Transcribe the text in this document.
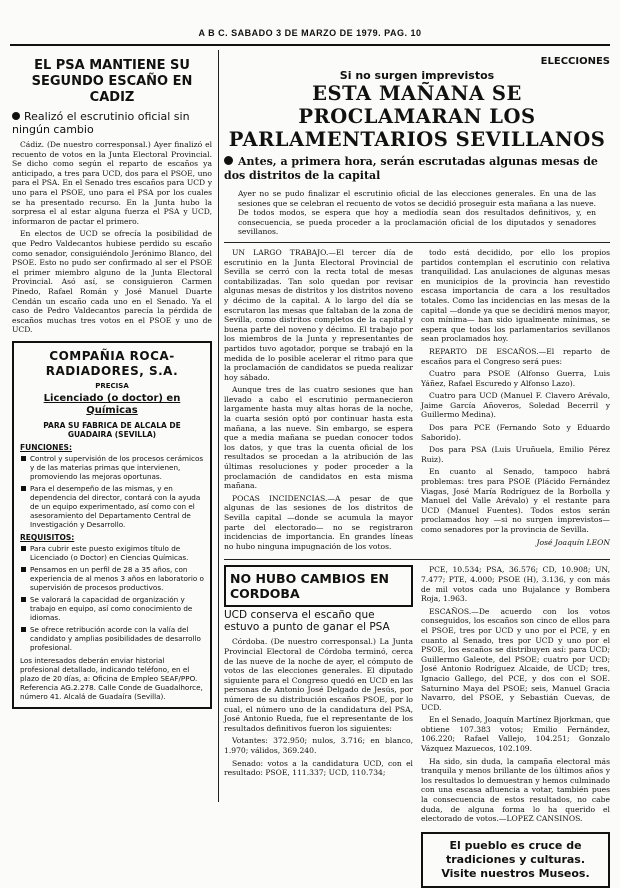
A B C. SABADO 3 DE MARZO DE 1979. PAG. 10
EL PSA MANTIENE SU SEGUNDO ESCAÑO EN CADIZ
Realizó el escrutinio oficial sin ningún cambio

Cádiz. (De nuestro corresponsal.) Ayer finalizó el recuento de votos en la Junta Electoral Provincial. Se dicho como según el reparto de escaños ya anticipado, a tres para UCD, dos para el PSOE, uno para el PSA. En el Senado tres escaños para UCD y uno para el PSOE, uno para el PSA por los cuales se ha presentado recurso. En la Junta hubo la sorpresa el al estar alguna fuerza el PSA y UCD, informaron de pactar el primero.

En electos de UCD se ofrecía la posibilidad de que Pedro Valdecantos hubiese perdido su escaño como senador, consiguiéndolo Jerónimo Blanco, del PSOE. Esto no pudo ser confirmado al ser el PSOE el primer miembro alguno de la Junta Electoral Provincial. Asó así, se consiguieron Carmen Pinedo, Rafael Román y José Manuel Duarte Cendán un escaño cada uno en el Senado. Ya el caso de Pedro Valdecantos parecía la pérdida de escaños muchas tres votos en el PSOE y uno de UCD.

COMPAÑIA ROCA-RADIADORES, S.A.
PRECISA
Licenciado (o doctor) en Químicas
PARA SU FABRICA DE ALCALA DE GUADAIRA (SEVILLA)
FUNCIONES:
Control y supervisión de los procesos cerámicos y de las materias primas que intervienen, promoviendo las mejoras oportunas.
Para el desempeño de las mismas, y en dependencia del director, contará con la ayuda de un equipo experimentado, así como con el asesoramiento del Departamento Central de Investigación y Desarrollo.
REQUISITOS:
Para cubrir este puesto exigimos título de Licenciado (o Doctor) en Ciencias Químicas.
Pensamos en un perfil de 28 a 35 años, con experiencia de al menos 3 años en laboratorio o supervisión de procesos productivos.
Se valorará la capacidad de organización y trabajo en equipo, así como conocimiento de idiomas.
Se ofrece retribución acorde con la valía del candidato y amplias posibilidades de desarrollo profesional.
Los interesados deberán enviar historial profesional detallado, indicando teléfono, en el plazo de 20 días, a: Oficina de Empleo SEAF/PPO. Referencia AG.2.278. Calle Conde de Guadalhorce, número 41. Alcalá de Guadaíra (Sevilla).
ELECCIONES
Si no surgen imprevistos
ESTA MAÑANA SE PROCLAMARAN LOS PARLAMENTARIOS SEVILLANOS
Antes, a primera hora, serán escrutadas algunas mesas de dos distritos de la capital
Ayer no se pudo finalizar el escrutinio oficial de las elecciones generales. En una de las sesiones que se celebran el recuento de votos se decidió proseguir esta mañana a las nueve. De todos modos, se espera que hoy a mediodía sean dos resultados definitivos, y, en consecuencia, se pueda proceder a la proclamación oficial de los diputados y senadores sevillanos.

UN LARGO TRABAJO.—El tercer día de escrutinio en la Junta Electoral Provincial de Sevilla se cerró con la recta total de mesas contabilizadas. Tan solo quedan por revisar algunas mesas de distritos y los distritos noveno y décimo de la capital. A lo largo del día se escrutaron las mesas que faltaban de la zona de Sevilla, como distritos completos de la capital y buena parte del noveno y décimo. El trabajo por los miembros de la Junta y representantes de partidos tuvo agotador, porque se trabajó en la medida de lo posible acelerar el ritmo para que la proclamación de candidatos se pueda realizar hoy sábado.

Aunque tres de las cuatro sesiones que han llevado a cabo el escrutinio permanecieron largamente hasta muy altas horas de la noche, la cuarta sesión optó por continuar hasta esta mañana, a las nueve. Sin embargo, se espera que a media mañana se puedan conocer todos los datos, y que tras la cuenta oficial de los resultados se procedan a la atribución de las últimas resoluciones y poder proceder a la proclamación de candidatos en esta misma mañana.

POCAS INCIDENCIAS.—A pesar de que algunas de las sesiones de los distritos de Sevilla capital —donde se acumula la mayor parte del electorado— no se registraron incidencias de importancia. En grandes líneas no hubo ninguna impugnación de los votos.

todo está decidido, por ello los propios partidos contemplan el escrutinio con relativa tranquilidad. Las anulaciones de algunas mesas en municipios de la provincia han revestido escasa importancia de cara a los resultados totales. Como las incidencias en las mesas de la capital —donde ya que se decidirá menos mayor, con mínima— han sido igualmente mínimas, se espera que todos los parlamentarios sevillanos sean proclamados hoy.

REPARTO DE ESCAÑOS.—El reparto de escaños para el Congreso será pues:

Cuatro para PSOE (Alfonso Guerra, Luis Yáñez, Rafael Escuredo y Alfonso Lazo).

Cuatro para UCD (Manuel F. Clavero Arévalo, Jaime García Añoveros, Soledad Becerril y Guillermo Medina).

Dos para PCE (Fernando Soto y Eduardo Saborido).

Dos para PSA (Luis Uruñuela, Emilio Pérez Ruiz).

En cuanto al Senado, tampoco habrá problemas: tres para PSOE (Plácido Fernández Viagas, José María Rodríguez de la Borbolla y Manuel del Valle Arévalo) y el restante para UCD (Manuel Fuentes). Todos estos serán proclamados hoy —si no surgen imprevistos— como senadores por la provincia de Sevilla.

José Joaquín LEON

NO HUBO CAMBIOS EN CORDOBA
UCD conserva el escaño que estuvo a punto de ganar el PSA

Córdoba. (De nuestro corresponsal.) La Junta Provincial Electoral de Córdoba terminó, cerca de las nueve de la noche de ayer, el cómputo de votos de las elecciones generales. El diputado siguiente para el Congreso quedó en UCD en las personas de Antonio José Delgado de Jesús, por número de su distribución escaños PSOE, por lo cual, el número uno de la candidatura del PSA, José Antonio Rueda, fue el representante de los resultados definitivos fueron los siguientes:

Votantes: 372.950; nulos, 3.716; en blanco, 1.970; válidos, 369.240.

Senado: votos a la candidatura UCD, con el resultado: PSOE, 111.337; UCD, 110.734;

PCE, 10.534; PSA, 36.576; CD, 10.908; UN, 7.477; PTE, 4.000; PSOE (H), 3.136, y con más de mil votos cada uno Bujalance y Bombera Roja, 1.963.

ESCAÑOS.—De acuerdo con los votos conseguidos, los escaños son cinco de ellos para el PSOE, tres por UCD y uno por el PCE, y en cuanto al Senado, tres por UCD y uno por el PSOE, los escaños se distribuyen así: para UCD; Guillermo Galeote, del PSOE; cuatro por UCD; José Antonio Rodríguez Alcaide, de UCD; tres, Ignacio Gallego, del PCE, y dos con el SOE. Saturnino Maya del PSOE; seis, Manuel Gracia Navarro, del PSOE, y Sebastián Cuevas, de UCD.

En el Senado, Joaquín Martínez Bjorkman, que obtiene 107.383 votos; Emilio Fernández, 106.220; Rafael Vallejo, 104.251; Gonzalo Vázquez Mazuecos, 102.109.

Ha sido, sin duda, la campaña electoral más tranquila y menos brillante de los últimos años y los resultados lo demuestran y hemos culminado con una escasa afluencia a votar, también pues la consecuencia de estos resultados, no cabe duda, de alguna forma lo ha querido el electorado de votos.—LOPEZ CANSINOS.

El pueblo es cruce de tradiciones y culturas. Visite nuestros Museos.
